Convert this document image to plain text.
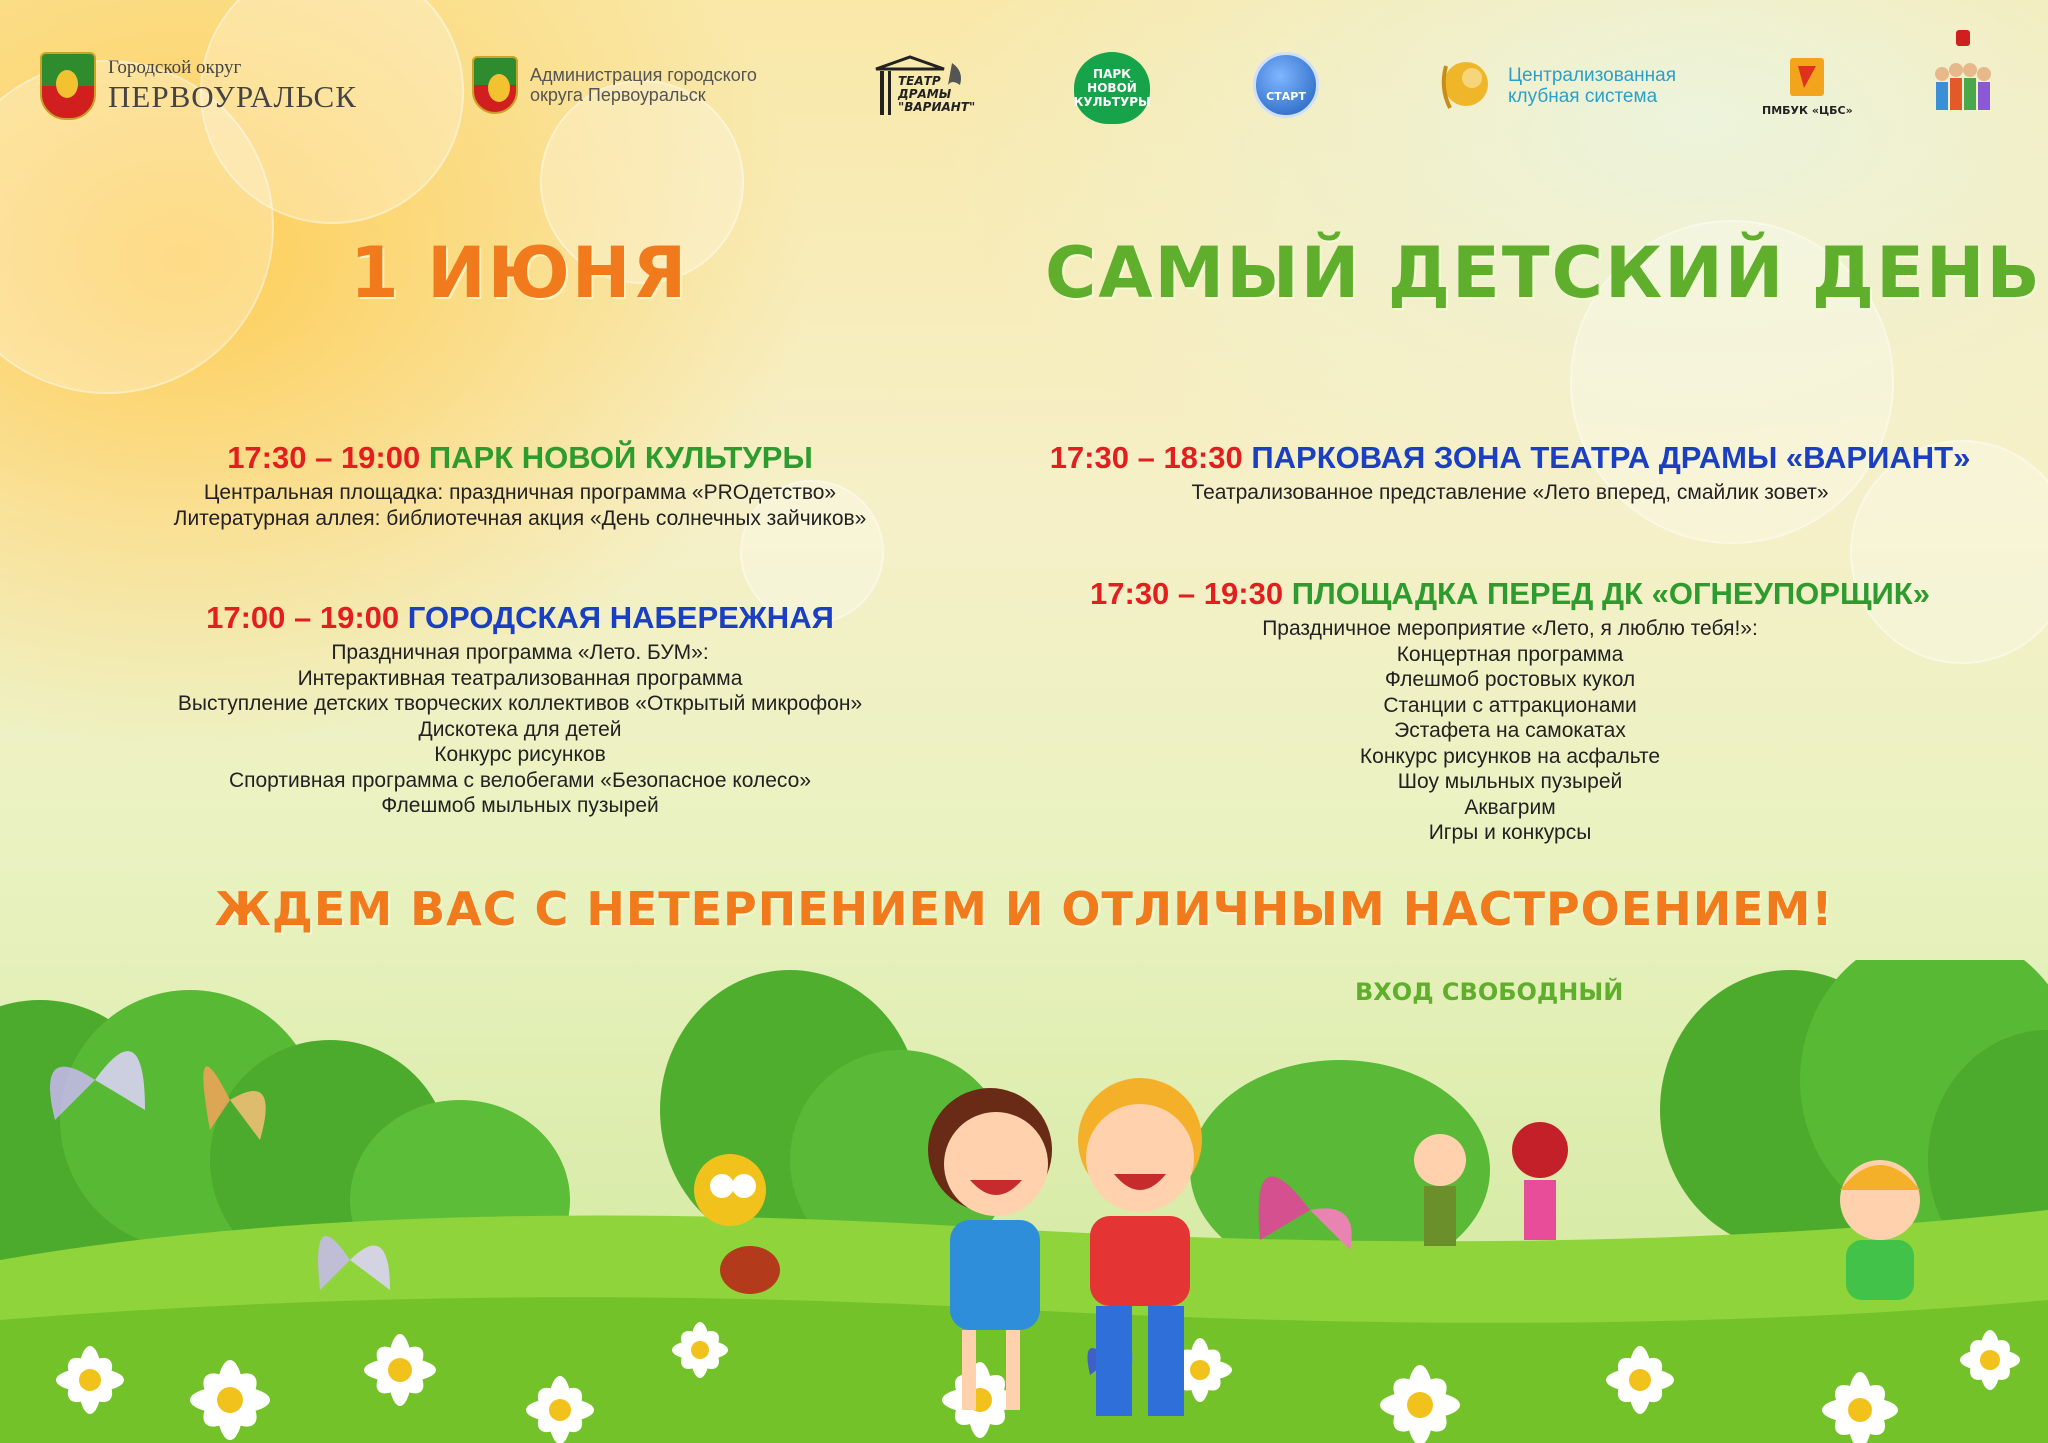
Городской округ
ПЕРВОУРАЛЬСК
Администрация городского
округа Первоуральск
ТЕАТР
ДРАМЫ
"ВАРИАНТ"
ПАРК НОВОЙ
КУЛЬТУРЫ	СТАРТ
Централизованная
клубная система
ПМБУК «ЦБС»
1 ИЮНЯ	САМЫЙ ДЕТСКИЙ ДЕНЬ
17:30 – 19:00 ПАРК НОВОЙ КУЛЬТУРЫ
Центральная площадка: праздничная программа «PROдетство»
Литературная аллея: библиотечная акция «День солнечных зайчиков»
17:00 – 19:00 ГОРОДСКАЯ НАБЕРЕЖНАЯ
Праздничная программа «Лето. БУМ»:
Интерактивная театрализованная программа
Выступление детских творческих коллективов «Открытый микрофон»
Дискотека для детей
Конкурс рисунков
Спортивная программа с велобегами «Безопасное колесо»
Флешмоб мыльных пузырей
17:30 – 18:30 ПАРКОВАЯ ЗОНА ТЕАТРА ДРАМЫ «ВАРИАНТ»
Театрализованное представление «Лето вперед, смайлик зовет»
17:30 – 19:30 ПЛОЩАДКА ПЕРЕД ДК «ОГНЕУПОРЩИК»
Праздничное мероприятие «Лето, я люблю тебя!»:
Концертная программа
Флешмоб ростовых кукол
Станции с аттракционами
Эстафета на самокатах
Конкурс рисунков на асфальте
Шоу мыльных пузырей
Аквагрим
Игры и конкурсы
ЖДЕМ ВАС С НЕТЕРПЕНИЕМ И ОТЛИЧНЫМ НАСТРОЕНИЕМ!
ВХОД СВОБОДНЫЙ
